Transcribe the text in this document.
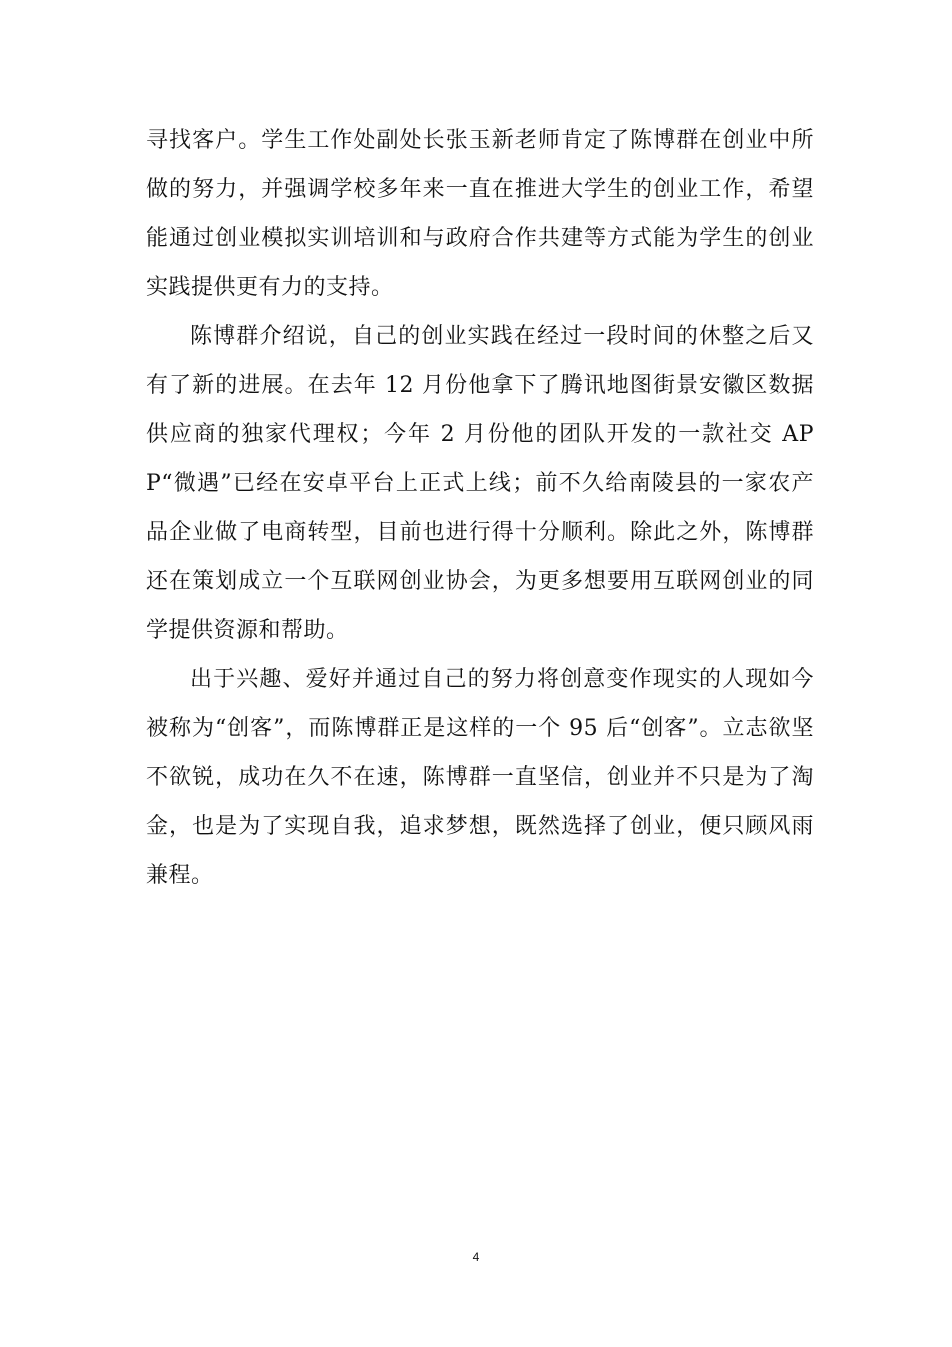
寻找客户。学生工作处副处长张玉新老师肯定了陈博群在创业中所做的努力，并强调学校多年来一直在推进大学生的创业工作，希望能通过创业模拟实训培训和与政府合作共建等方式能为学生的创业实践提供更有力的支持。

陈博群介绍说，自己的创业实践在经过一段时间的休整之后又有了新的进展。在去年 12 月份他拿下了腾讯地图街景安徽区数据供应商的独家代理权；今年 2 月份他的团队开发的一款社交 APP“微遇”已经在安卓平台上正式上线；前不久给南陵县的一家农产品企业做了电商转型，目前也进行得十分顺利。除此之外，陈博群还在策划成立一个互联网创业协会，为更多想要用互联网创业的同学提供资源和帮助。

出于兴趣、爱好并通过自己的努力将创意变作现实的人现如今被称为“创客”，而陈博群正是这样的一个 95 后“创客”。立志欲坚不欲锐，成功在久不在速，陈博群一直坚信，创业并不只是为了淘金，也是为了实现自我，追求梦想，既然选择了创业，便只顾风雨兼程。

4
